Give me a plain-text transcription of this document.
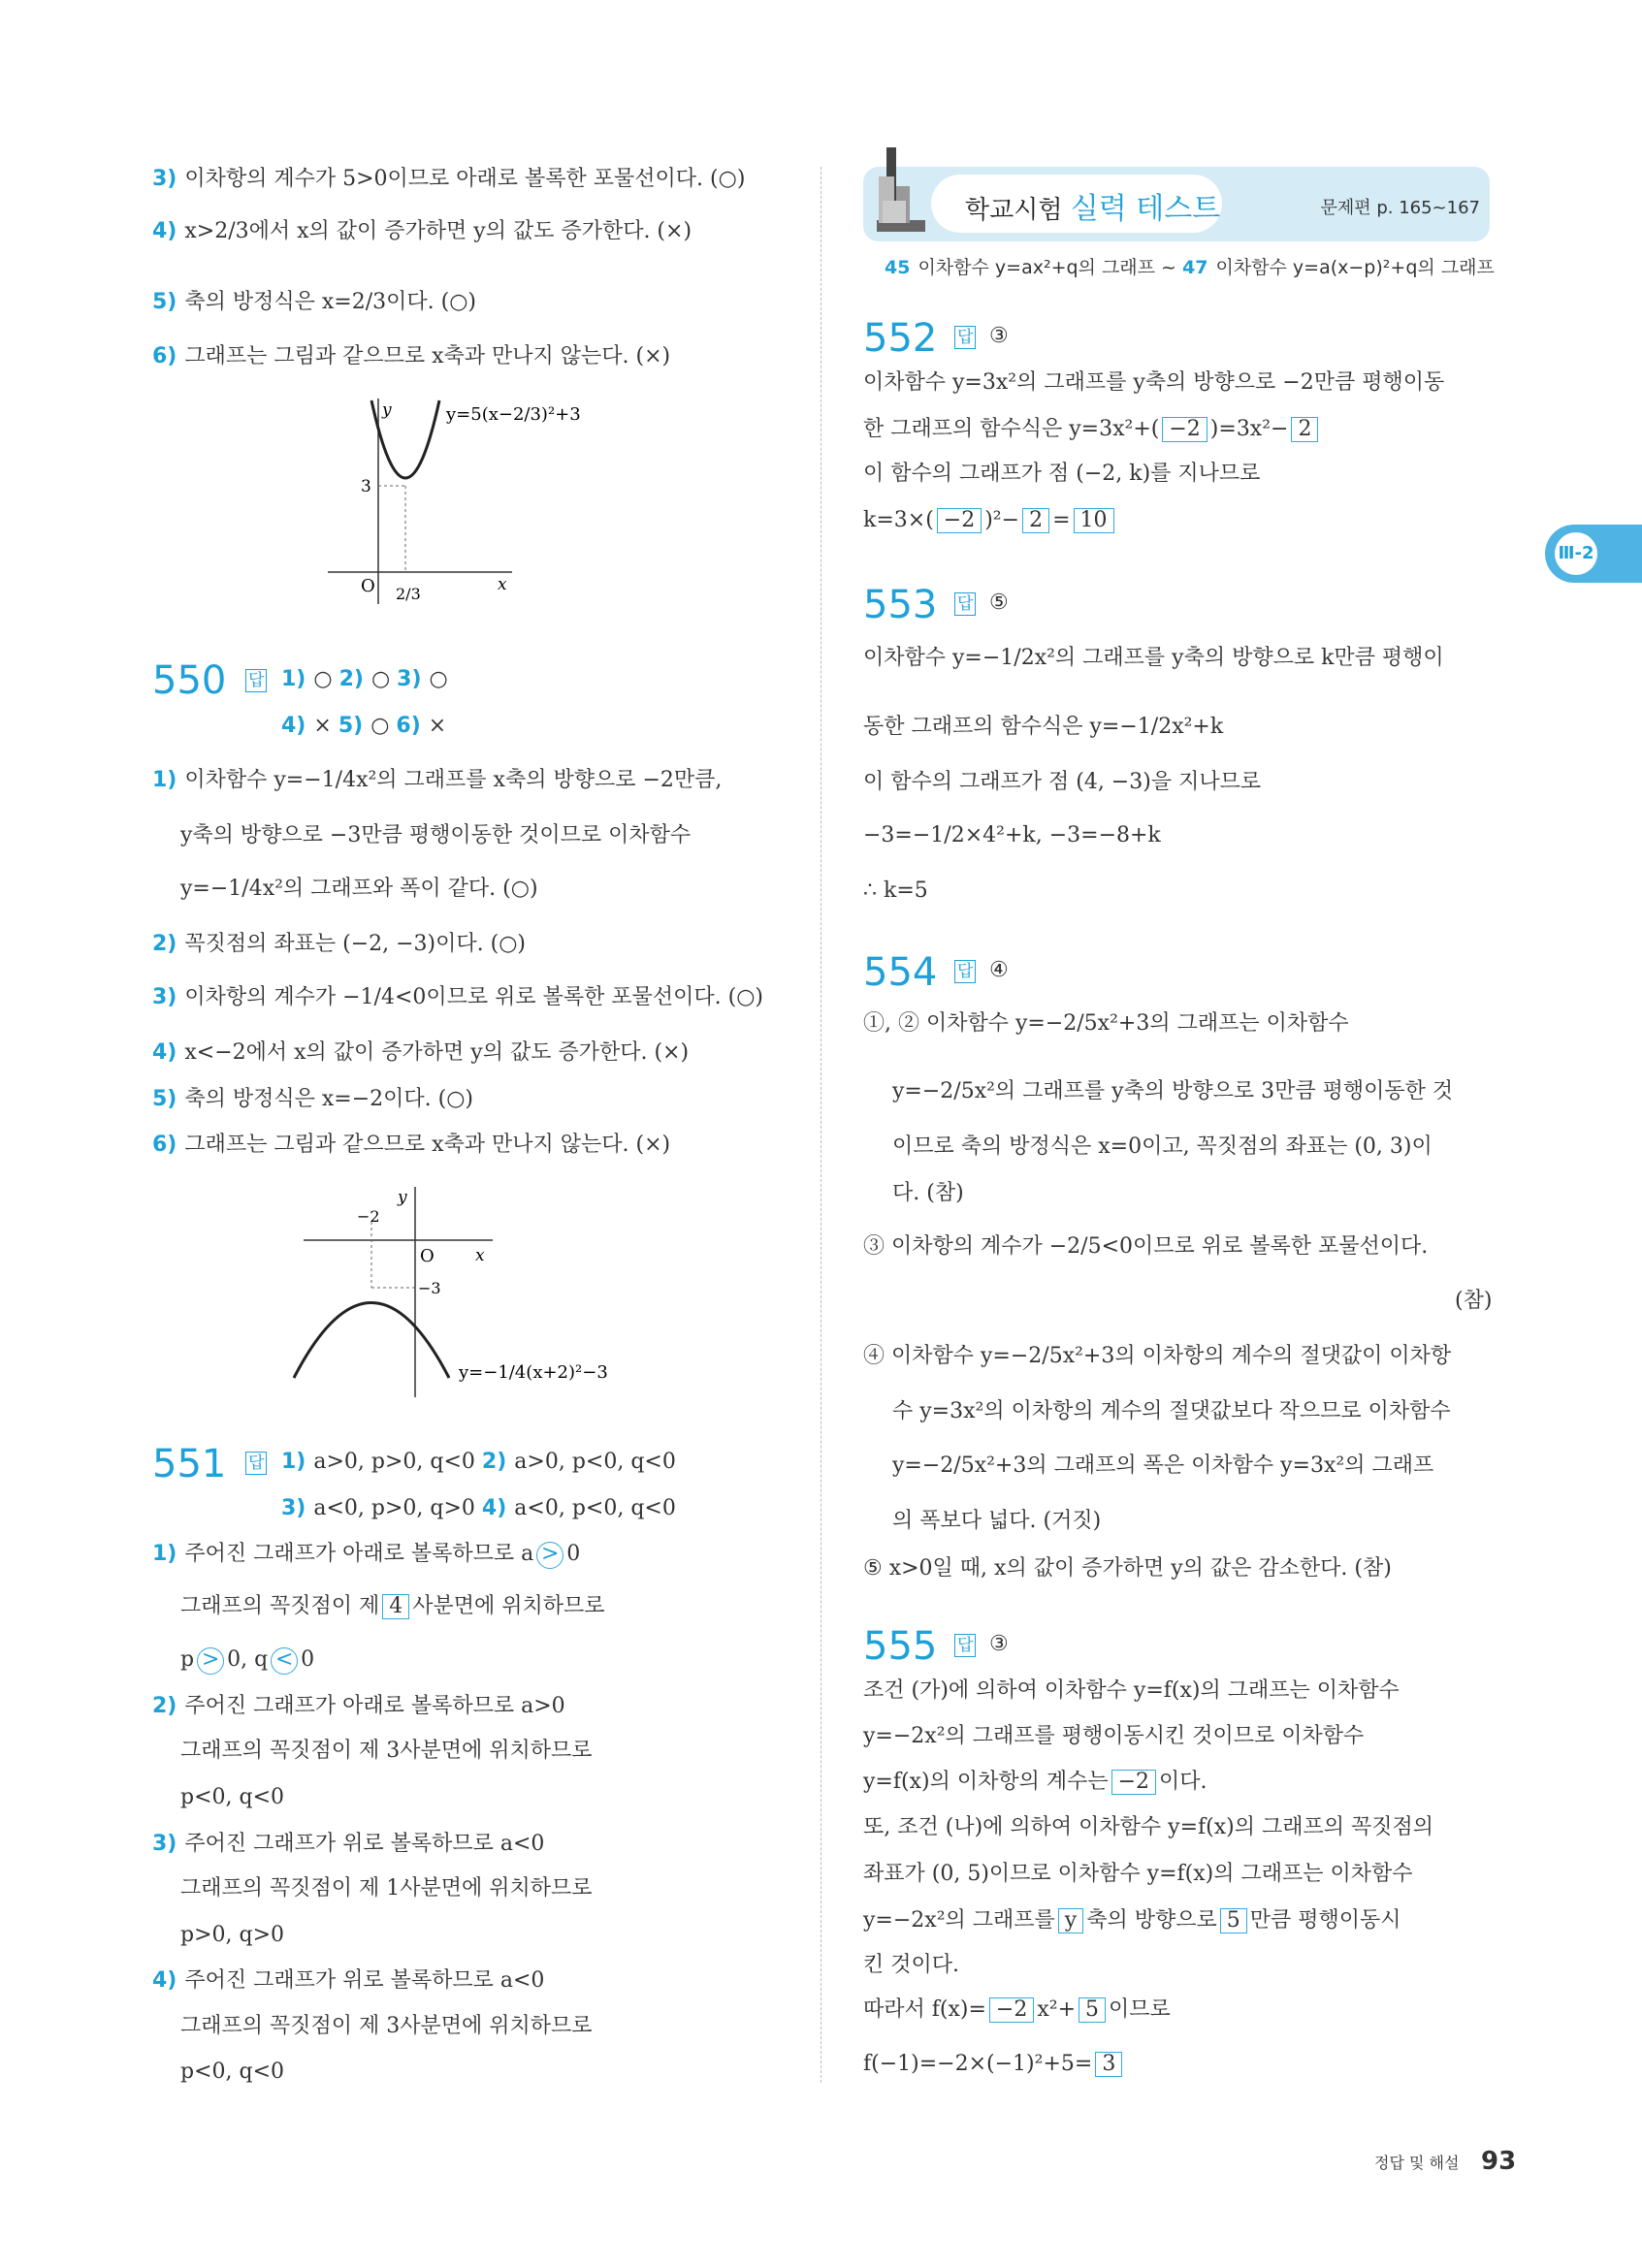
학교시험 실력 테스트	문제편 p. 165~167
45 이차함수 y=ax²+q의 그래프 ~ 47 이차함수 y=a(x−p)²+q의 그래프
Ⅲ-2
3) 이차항의 계수가 5>0이므로 아래로 볼록한 포물선이다. (○)
4) x>2/3에서 x의 값이 증가하면 y의 값도 증가한다. (×)
5) 축의 방정식은 x=2/3이다. (○)
6) 그래프는 그림과 같으므로 x축과 만나지 않는다. (×)
y
x
O
3
2/3
y=5(x−2/3)²+3
550 답 1) ○ 2) ○ 3) ○
4) × 5) ○ 6) ×
y
x
O
−2
−3
y=−1/4(x+2)²−3
551 답 1) a>0, p>0, q<0 2) a>0, p<0, q<0
3) a<0, p>0, q>0 4) a<0, p<0, q<0
552 답 ③
553 답 ⑤
554 답 ④
555 답 ③
1) 이차함수 y=−1/4x²의 그래프를 x축의 방향으로 −2만큼,
y축의 방향으로 −3만큼 평행이동한 것이므로 이차함수
y=−1/4x²의 그래프와 폭이 같다. (○)
2) 꼭짓점의 좌표는 (−2, −3)이다. (○)
3) 이차항의 계수가 −1/4<0이므로 위로 볼록한 포물선이다. (○)
4) x<−2에서 x의 값이 증가하면 y의 값도 증가한다. (×)
5) 축의 방정식은 x=−2이다. (○)
6) 그래프는 그림과 같으므로 x축과 만나지 않는다. (×)
1) 주어진 그래프가 아래로 볼록하므로 a > 0
그래프의 꼭짓점이 제 4 사분면에 위치하므로
p > 0, q < 0
2) 주어진 그래프가 아래로 볼록하므로 a>0
그래프의 꼭짓점이 제 3사분면에 위치하므로
p<0, q<0
3) 주어진 그래프가 위로 볼록하므로 a<0
그래프의 꼭짓점이 제 1사분면에 위치하므로
p>0, q>0
4) 주어진 그래프가 위로 볼록하므로 a<0
그래프의 꼭짓점이 제 3사분면에 위치하므로
p<0, q<0
이차함수 y=3x²의 그래프를 y축의 방향으로 −2만큼 평행이동
한 그래프의 함수식은 y=3x²+( −2 )=3x²− 2
이 함수의 그래프가 점 (−2, k)를 지나므로
k=3×( −2 )²− 2 = 10
이차함수 y=−1/2x²의 그래프를 y축의 방향으로 k만큼 평행이
동한 그래프의 함수식은 y=−1/2x²+k
이 함수의 그래프가 점 (4, −3)을 지나므로
−3=−1/2×4²+k, −3=−8+k
∴ k=5
①, ② 이차함수 y=−2/5x²+3의 그래프는 이차함수
y=−2/5x²의 그래프를 y축의 방향으로 3만큼 평행이동한 것
이므로 축의 방정식은 x=0이고, 꼭짓점의 좌표는 (0, 3)이
다. (참)
③ 이차항의 계수가 −2/5<0이므로 위로 볼록한 포물선이다.
(참)
④ 이차함수 y=−2/5x²+3의 이차항의 계수의 절댓값이 이차항
수 y=3x²의 이차항의 계수의 절댓값보다 작으므로 이차함수
y=−2/5x²+3의 그래프의 폭은 이차함수 y=3x²의 그래프
의 폭보다 넓다. (거짓)
⑤ x>0일 때, x의 값이 증가하면 y의 값은 감소한다. (참)
조건 (가)에 의하여 이차함수 y=f(x)의 그래프는 이차함수
y=−2x²의 그래프를 평행이동시킨 것이므로 이차함수
y=f(x)의 이차항의 계수는 −2 이다.
또, 조건 (나)에 의하여 이차함수 y=f(x)의 그래프의 꼭짓점의
좌표가 (0, 5)이므로 이차함수 y=f(x)의 그래프는 이차함수
y=−2x²의 그래프를 y 축의 방향으로 5 만큼 평행이동시
킨 것이다.
따라서 f(x)= −2 x²+ 5 이므로
f(−1)=−2×(−1)²+5= 3
정답 및 해설 93
